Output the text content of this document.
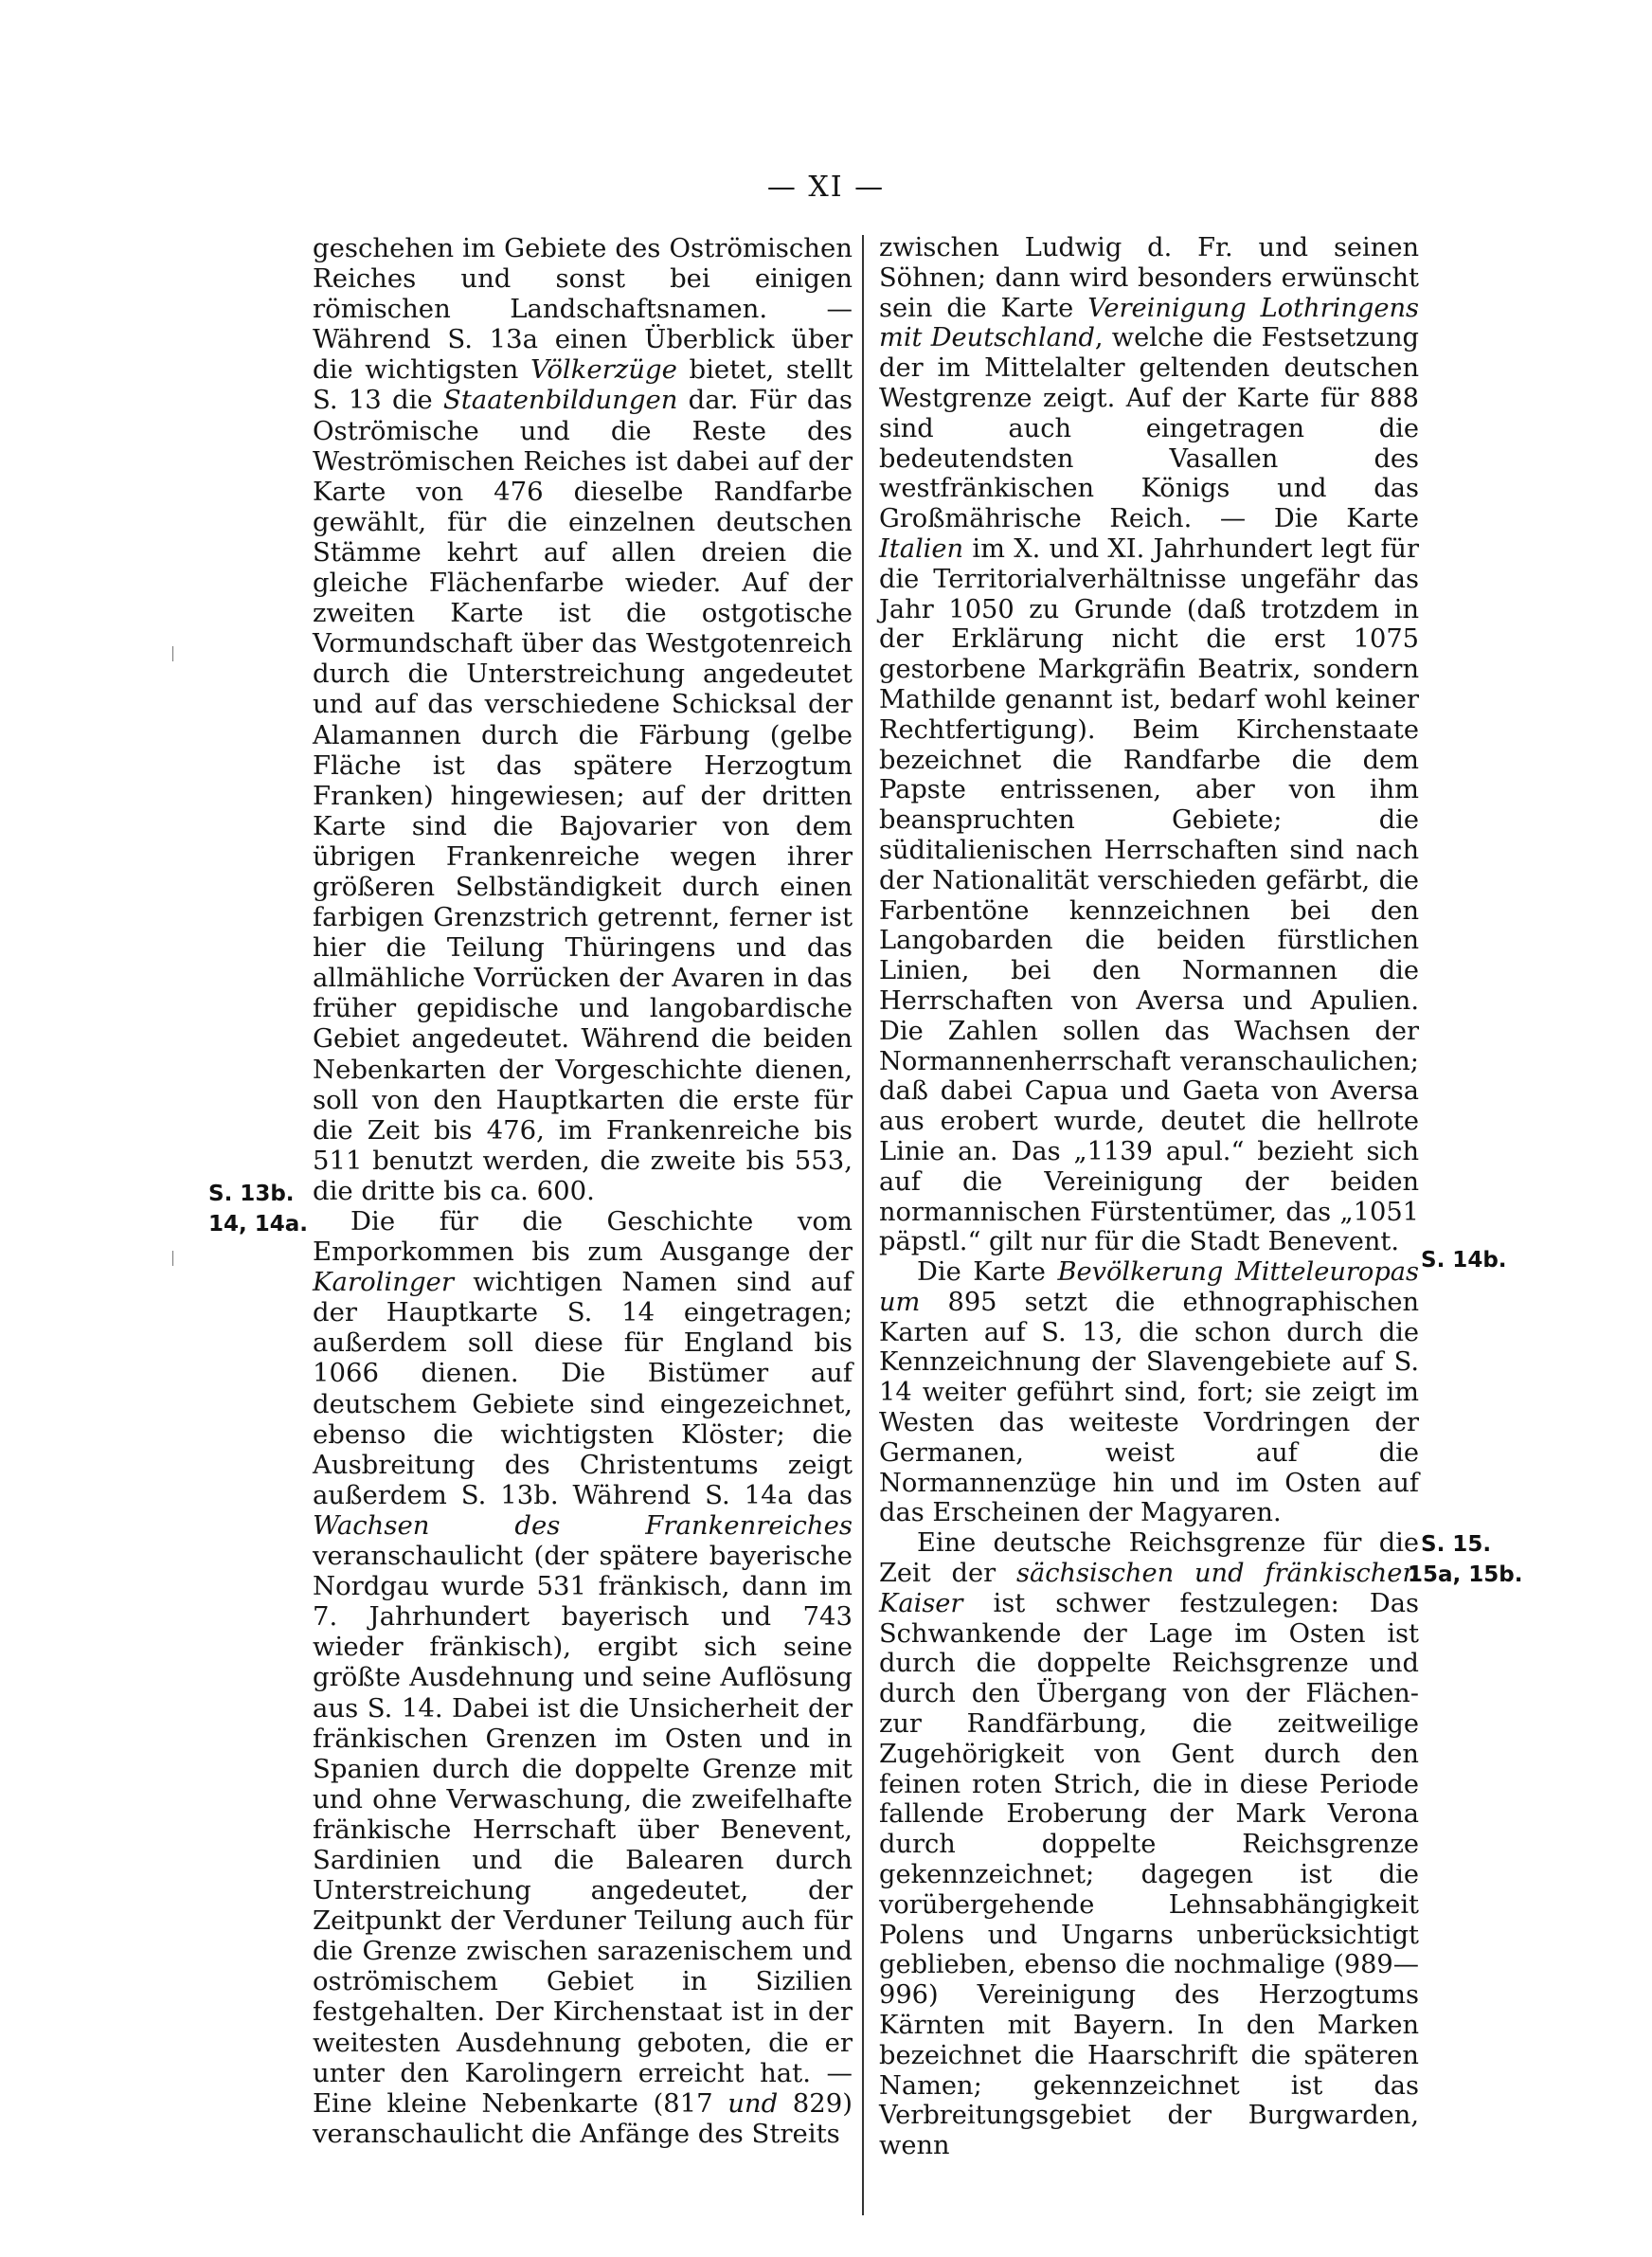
— XI —
S. 13b.
14, 14a.
S. 14b.
S. 15.
15a, 15b.

geschehen im Gebiete des Oströmischen Reiches und sonst bei einigen römischen Landschaftsnamen. — Während S. 13a einen Überblick über die wichtigsten Völkerzüge bietet, stellt S. 13 die Staatenbildungen dar. Für das Oströmische und die Reste des Weströmischen Reiches ist dabei auf der Karte von 476 dieselbe Randfarbe gewählt, für die einzelnen deutschen Stämme kehrt auf allen dreien die gleiche Flächenfarbe wieder. Auf der zweiten Karte ist die ostgotische Vormundschaft über das Westgotenreich durch die Unterstreichung angedeutet und auf das verschiedene Schicksal der Alamannen durch die Färbung (gelbe Fläche ist das spätere Herzogtum Franken) hingewiesen; auf der dritten Karte sind die Bajovarier von dem übrigen Frankenreiche wegen ihrer größeren Selbständigkeit durch einen farbigen Grenzstrich getrennt, ferner ist hier die Teilung Thüringens und das allmähliche Vorrücken der Avaren in das früher gepidische und langobardische Gebiet angedeutet. Während die beiden Nebenkarten der Vorgeschichte dienen, soll von den Hauptkarten die erste für die Zeit bis 476, im Frankenreiche bis 511 benutzt werden, die zweite bis 553, die dritte bis ca. 600.

Die für die Geschichte vom Emporkommen bis zum Ausgange der Karolinger wichtigen Namen sind auf der Hauptkarte S. 14 eingetragen; außerdem soll diese für England bis 1066 dienen. Die Bistümer auf deutschem Gebiete sind eingezeichnet, ebenso die wichtigsten Klöster; die Ausbreitung des Christentums zeigt außerdem S. 13b. Während S. 14a das Wachsen des Frankenreiches veranschaulicht (der spätere bayerische Nordgau wurde 531 fränkisch, dann im 7. Jahrhundert bayerisch und 743 wieder fränkisch), ergibt sich seine größte Ausdehnung und seine Auflösung aus S. 14. Dabei ist die Unsicherheit der fränkischen Grenzen im Osten und in Spanien durch die doppelte Grenze mit und ohne Verwaschung, die zweifelhafte fränkische Herrschaft über Benevent, Sardinien und die Balearen durch Unterstreichung angedeutet, der Zeitpunkt der Verduner Teilung auch für die Grenze zwischen sarazenischem und oströmischem Gebiet in Sizilien festgehalten. Der Kirchenstaat ist in der weitesten Ausdehnung geboten, die er unter den Karolingern erreicht hat. — Eine kleine Nebenkarte (817 und 829) veranschaulicht die Anfänge des Streits

zwischen Ludwig d. Fr. und seinen Söhnen; dann wird besonders erwünscht sein die Karte Vereinigung Lothringens mit Deutschland, welche die Festsetzung der im Mittelalter geltenden deutschen Westgrenze zeigt. Auf der Karte für 888 sind auch eingetragen die bedeutendsten Vasallen des westfränkischen Königs und das Großmährische Reich. — Die Karte Italien im X. und XI. Jahrhundert legt für die Territorialverhältnisse ungefähr das Jahr 1050 zu Grunde (daß trotzdem in der Erklärung nicht die erst 1075 gestorbene Markgräfin Beatrix, sondern Mathilde genannt ist, bedarf wohl keiner Rechtfertigung). Beim Kirchenstaate bezeichnet die Randfarbe die dem Papste entrissenen, aber von ihm beanspruchten Gebiete; die süditalienischen Herrschaften sind nach der Nationalität verschieden gefärbt, die Farbentöne kennzeichnen bei den Langobarden die beiden fürstlichen Linien, bei den Normannen die Herrschaften von Aversa und Apulien. Die Zahlen sollen das Wachsen der Normannenherrschaft veranschaulichen; daß dabei Capua und Gaeta von Aversa aus erobert wurde, deutet die hellrote Linie an. Das „1139 apul.“ bezieht sich auf die Vereinigung der beiden normannischen Fürstentümer, das „1051 päpstl.“ gilt nur für die Stadt Benevent.

Die Karte Bevölkerung Mitteleuropas um 895 setzt die ethnographischen Karten auf S. 13, die schon durch die Kennzeichnung der Slavengebiete auf S. 14 weiter geführt sind, fort; sie zeigt im Westen das weiteste Vordringen der Germanen, weist auf die Normannenzüge hin und im Osten auf das Erscheinen der Magyaren.

Eine deutsche Reichsgrenze für die Zeit der sächsischen und fränkischen Kaiser ist schwer festzulegen: Das Schwankende der Lage im Osten ist durch die doppelte Reichsgrenze und durch den Übergang von der Flächen- zur Randfärbung, die zeitweilige Zugehörigkeit von Gent durch den feinen roten Strich, die in diese Periode fallende Eroberung der Mark Verona durch doppelte Reichsgrenze gekennzeichnet; dagegen ist die vorübergehende Lehnsabhängigkeit Polens und Ungarns unberücksichtigt geblieben, ebenso die nochmalige (989—996) Vereinigung des Herzogtums Kärnten mit Bayern. In den Marken bezeichnet die Haarschrift die späteren Namen; gekennzeichnet ist das Verbreitungsgebiet der Burgwarden, wenn
